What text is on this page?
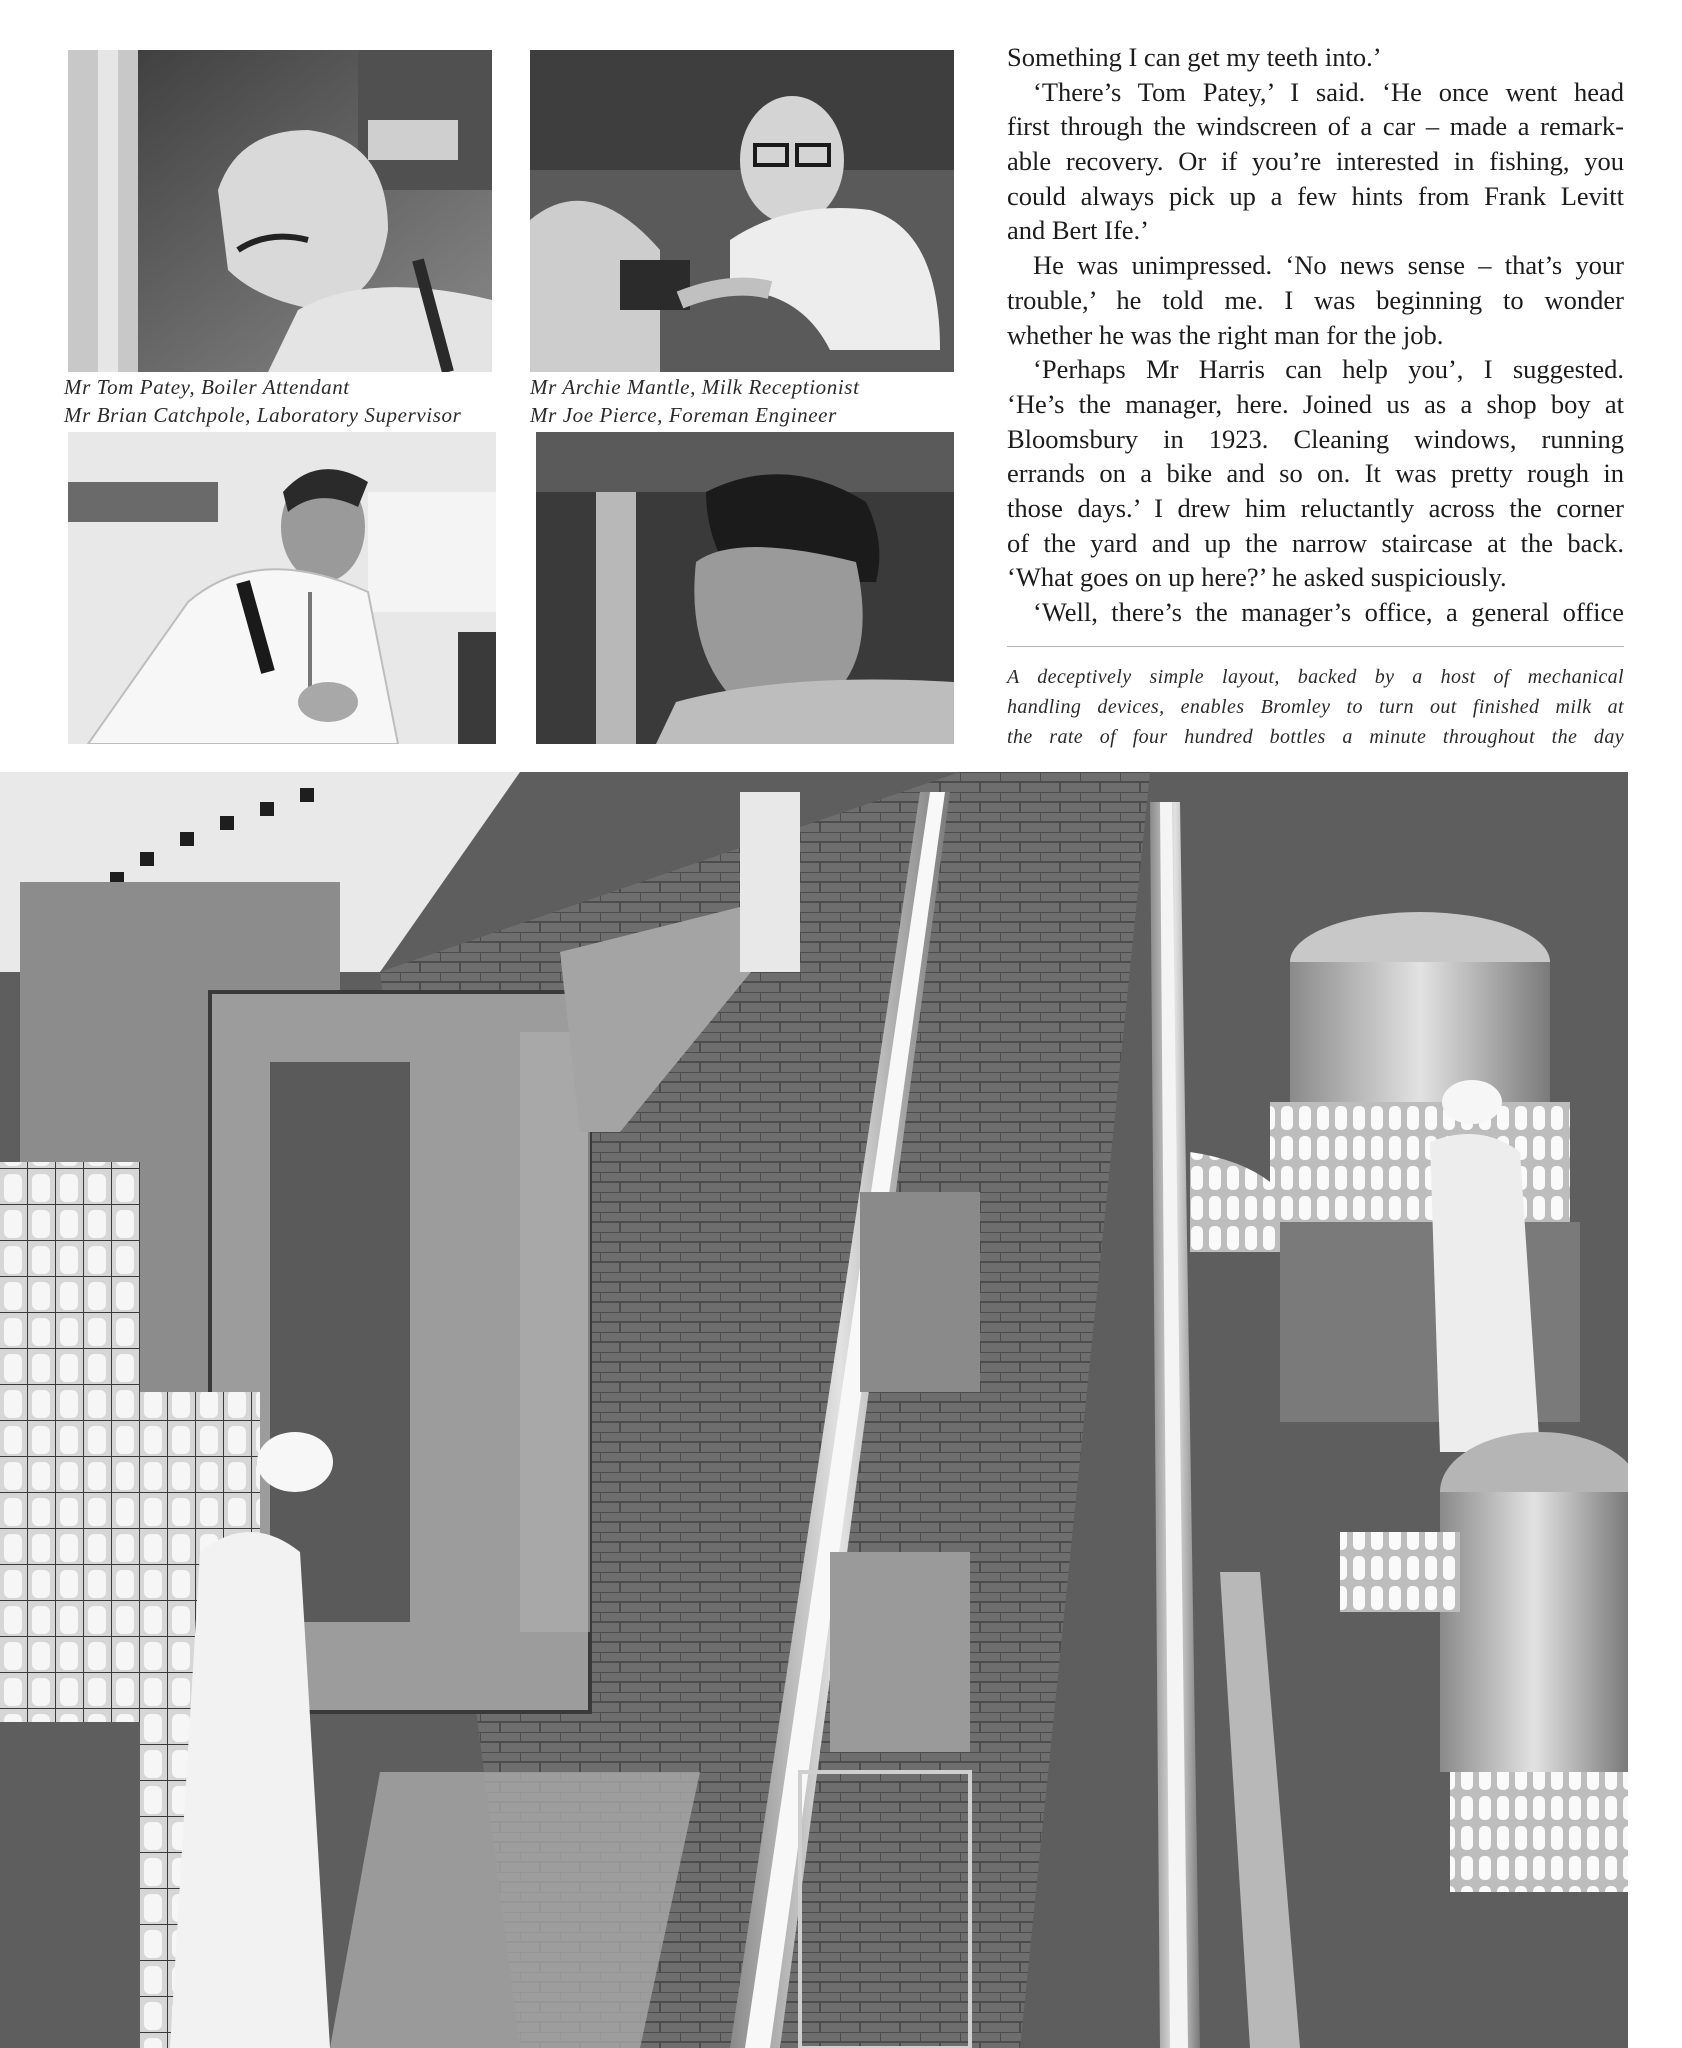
Mr Tom Patey, Boiler Attendant
Mr Brian Catchpole, Laboratory Supervisor
Mr Archie Mantle, Milk Receptionist
Mr Joe Pierce, Foreman Engineer
Something I can get my teeth into.’
‘There’s Tom Patey,’ I said. ‘He once went head
first through the windscreen of a car – made a remark-
able recovery. Or if you’re interested in fishing, you
could always pick up a few hints from Frank Levitt
and Bert Ife.’
He was unimpressed. ‘No news sense – that’s your
trouble,’ he told me. I was beginning to wonder
whether he was the right man for the job.
‘Perhaps Mr Harris can help you’, I suggested.
‘He’s the manager, here. Joined us as a shop boy at
Bloomsbury in 1923. Cleaning windows, running
errands on a bike and so on. It was pretty rough in
those days.’ I drew him reluctantly across the corner
of the yard and up the narrow staircase at the back.
‘What goes on up here?’ he asked suspiciously.
‘Well, there’s the manager’s office, a general office
A deceptively simple layout, backed by a host of mechanical
handling devices, enables Bromley to turn out finished milk at
the rate of four hundred bottles a minute throughout the day
